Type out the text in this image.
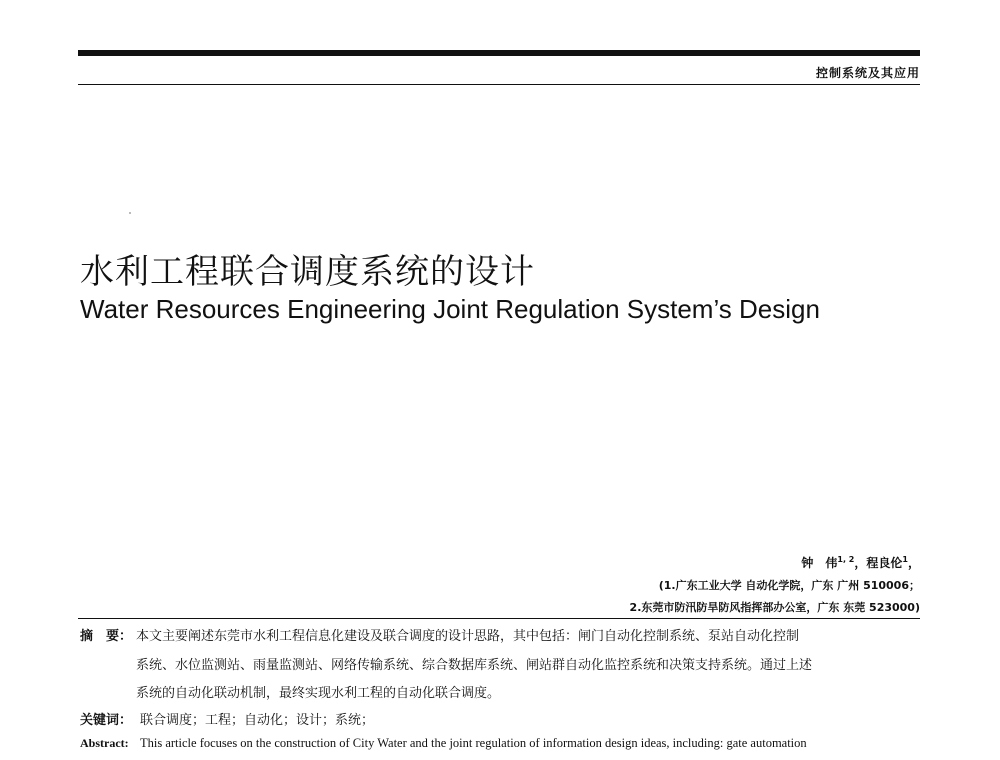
控制系统及其应用
水利工程联合调度系统的设计
Water Resources Engineering Joint Regulation System’s Design
钟　伟$^{1, 2}$，程良伦$^1$，
(1.广东工业大学 自动化学院，广东 广州 510006；
2.东莞市防汛防旱防风指挥部办公室，广东 东莞 523000)
摘　要： 本文主要阐述东莞市水利工程信息化建设及联合调度的设计思路，其中包括：闸门自动化控制系统、泵站自动化控制
系统、水位监测站、雨量监测站、网络传输系统、综合数据库系统、闸站群自动化监控系统和决策支持系统。通过上述
系统的自动化联动机制，最终实现水利工程的自动化联合调度。
关键词： 联合调度；工程；自动化；设计；系统；
Abstract: This article focuses on the construction of City Water and the joint regulation of information design ideas, including: gate automation
